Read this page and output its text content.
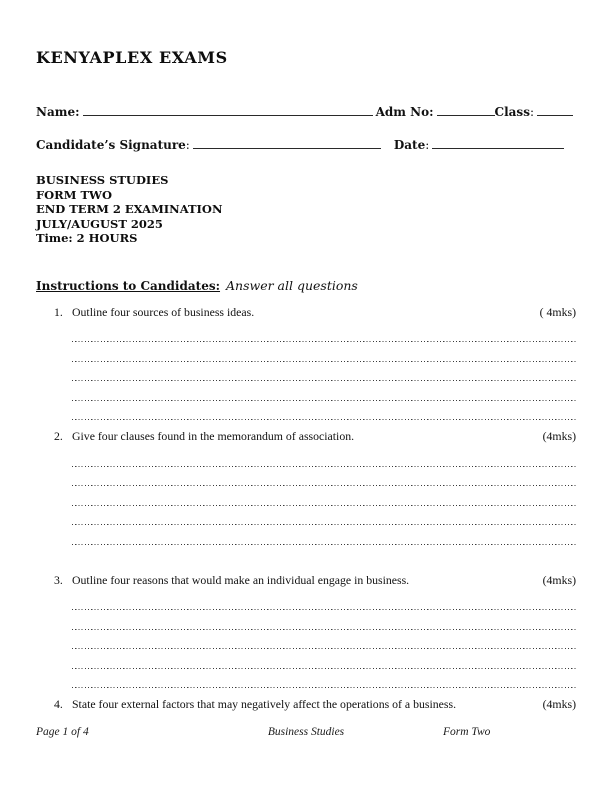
KENYAPLEX EXAMS
Name:	Adm No:	Class :
Candidate’s Signature :	Date :
BUSINESS STUDIES
FORM TWO
END TERM 2 EXAMINATION
JULY/AUGUST 2025
Time: 2 HOURS
Instructions to Candidates: Answer all questions
1. Outline four sources of business ideas.	( 4mks)
2. Give four clauses found in the memorandum of association.	(4mks)
3. Outline four reasons that would make an individual engage in business.	(4mks)
4. State four external factors that may negatively affect the operations of a business.	(4mks)
Page 1 of 4	Business Studies	Form Two
